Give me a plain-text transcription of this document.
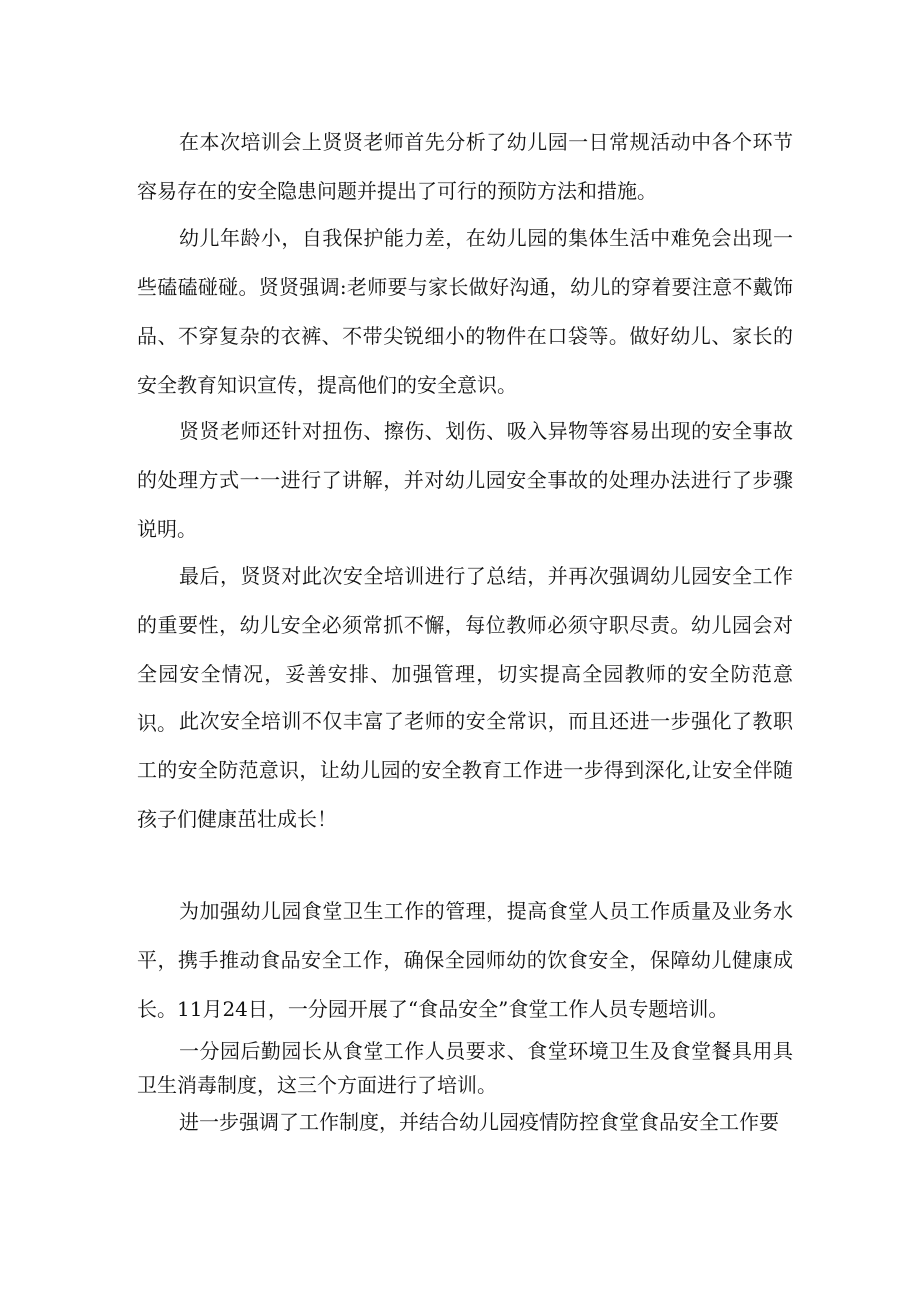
在本次培训会上贤贤老师首先分析了幼儿园一日常规活动中各个环节容易存在的安全隐患问题并提出了可行的预防方法和措施。

幼儿年龄小，自我保护能力差，在幼儿园的集体生活中难免会出现一些磕磕碰碰。贤贤强调:老师要与家长做好沟通，幼儿的穿着要注意不戴饰品、不穿复杂的衣裤、不带尖锐细小的物件在口袋等。做好幼儿、家长的安全教育知识宣传，提高他们的安全意识。

贤贤老师还针对扭伤、擦伤、划伤、吸入异物等容易出现的安全事故的处理方式一一进行了讲解，并对幼儿园安全事故的处理办法进行了步骤说明。

最后，贤贤对此次安全培训进行了总结，并再次强调幼儿园安全工作的重要性，幼儿安全必须常抓不懈，每位教师必须守职尽责。幼儿园会对全园安全情况，妥善安排、加强管理，切实提高全园教师的安全防范意识。 此次安全培训不仅丰富了老师的安全常识，而且还进一步强化了教职工的安全防范意识，让幼儿园的安全教育工作进一步得到深化,让安全伴随孩子们健康茁壮成长！

为加强幼儿园食堂卫生工作的管理，提高食堂人员工作质量及业务水平，携手推动食品安全工作，确保全园师幼的饮食安全，保障幼儿健康成长。11月24日，一分园开展了“食品安全”食堂工作人员专题培训。

一分园后勤园长从食堂工作人员要求、食堂环境卫生及食堂餐具用具卫生消毒制度，这三个方面进行了培训。

进一步强调了工作制度，并结合幼儿园疫情防控食堂食品安全工作要
